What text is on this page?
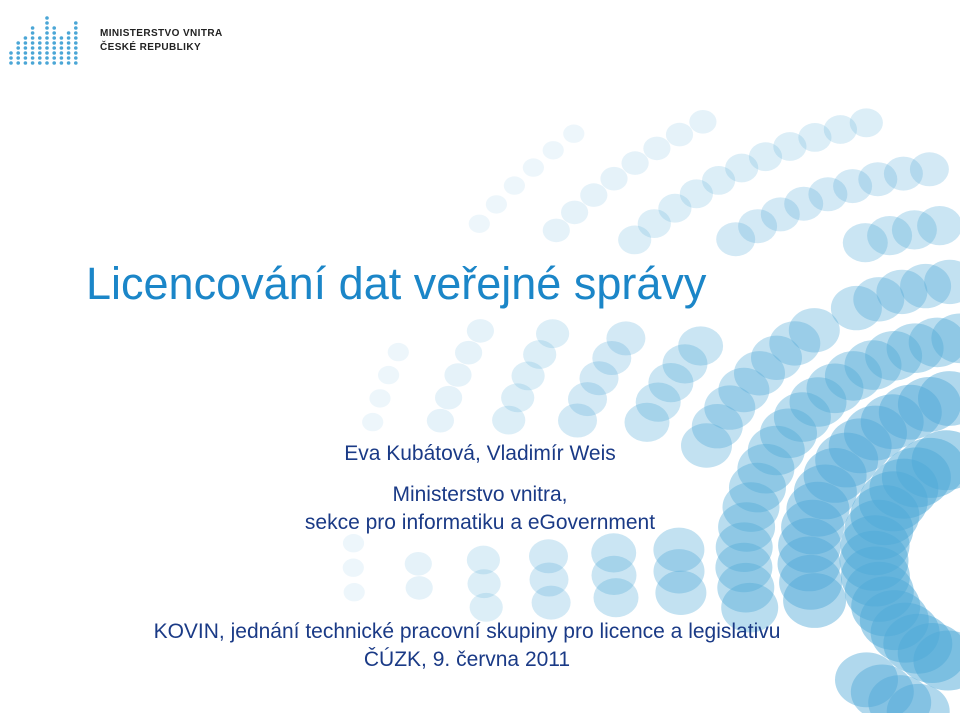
MINISTERSTVO VNITRA
ČESKÉ REPUBLIKY
Licencování dat veřejné správy
Eva Kubátová, Vladimír Weis
Ministerstvo vnitra,
sekce pro informatiku a eGovernment
KOVIN, jednání technické pracovní skupiny pro licence a legislativu
ČÚZK, 9. června 2011
